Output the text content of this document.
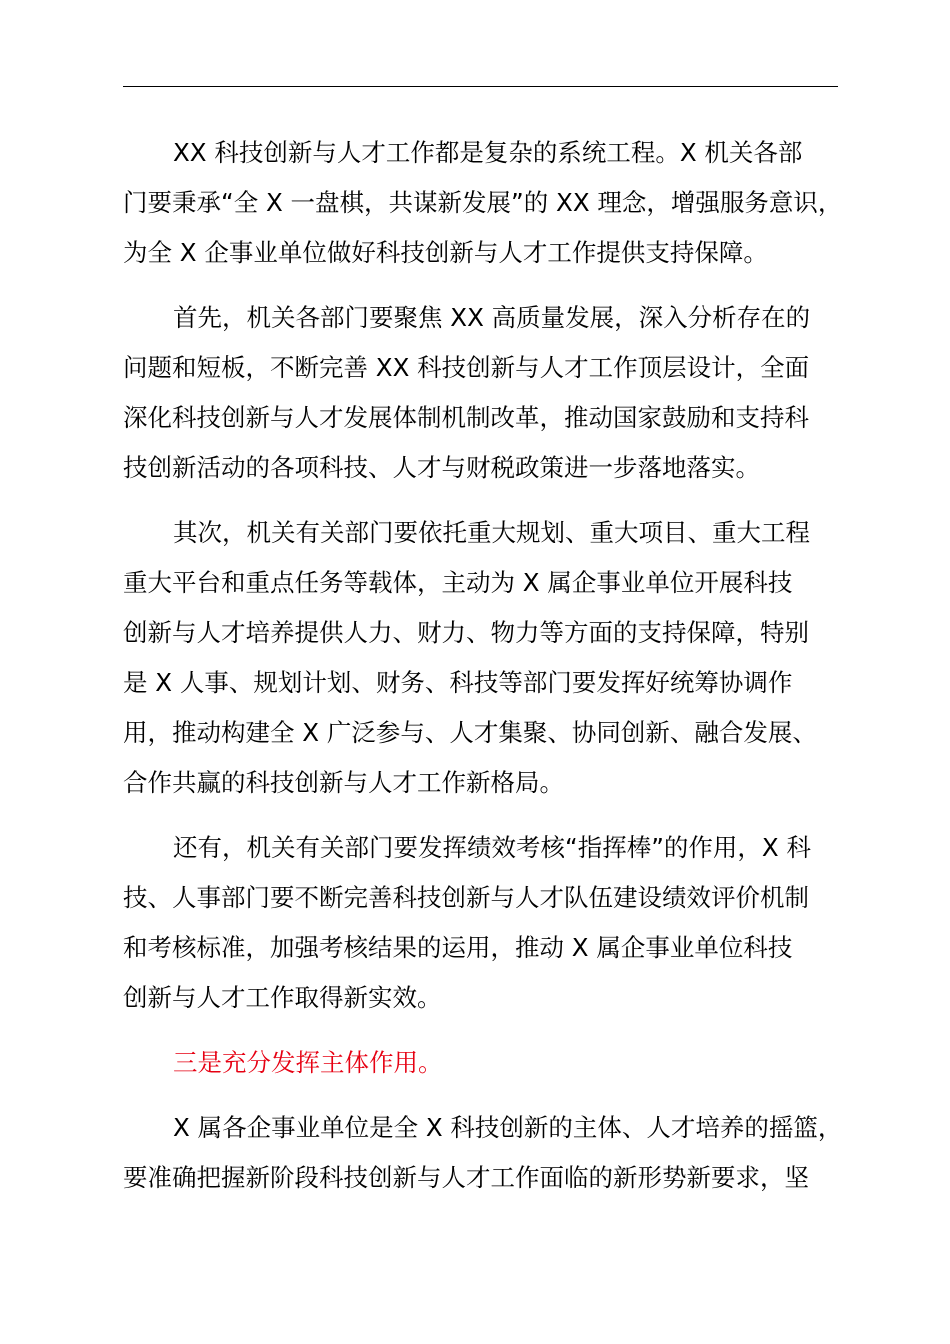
XX 科技创新与人才工作都是复杂的系统工程。X 机关各部
门要秉承“全 X 一盘棋，共谋新发展”的 XX 理念，增强服务意识，
为全 X 企事业单位做好科技创新与人才工作提供支持保障。

首先，机关各部门要聚焦 XX 高质量发展，深入分析存在的
问题和短板，不断完善 XX 科技创新与人才工作顶层设计，全面
深化科技创新与人才发展体制机制改革，推动国家鼓励和支持科
技创新活动的各项科技、人才与财税政策进一步落地落实。

其次，机关有关部门要依托重大规划、重大项目、重大工程
重大平台和重点任务等载体，主动为 X 属企事业单位开展科技
创新与人才培养提供人力、财力、物力等方面的支持保障，特别
是 X 人事、规划计划、财务、科技等部门要发挥好统筹协调作
用，推动构建全 X 广泛参与、人才集聚、协同创新、融合发展、
合作共赢的科技创新与人才工作新格局。

还有，机关有关部门要发挥绩效考核“指挥棒”的作用，X 科
技、人事部门要不断完善科技创新与人才队伍建设绩效评价机制
和考核标准，加强考核结果的运用，推动 X 属企事业单位科技
创新与人才工作取得新实效。

三是充分发挥主体作用。

X 属各企事业单位是全 X 科技创新的主体、人才培养的摇篮，
要准确把握新阶段科技创新与人才工作面临的新形势新要求，坚
